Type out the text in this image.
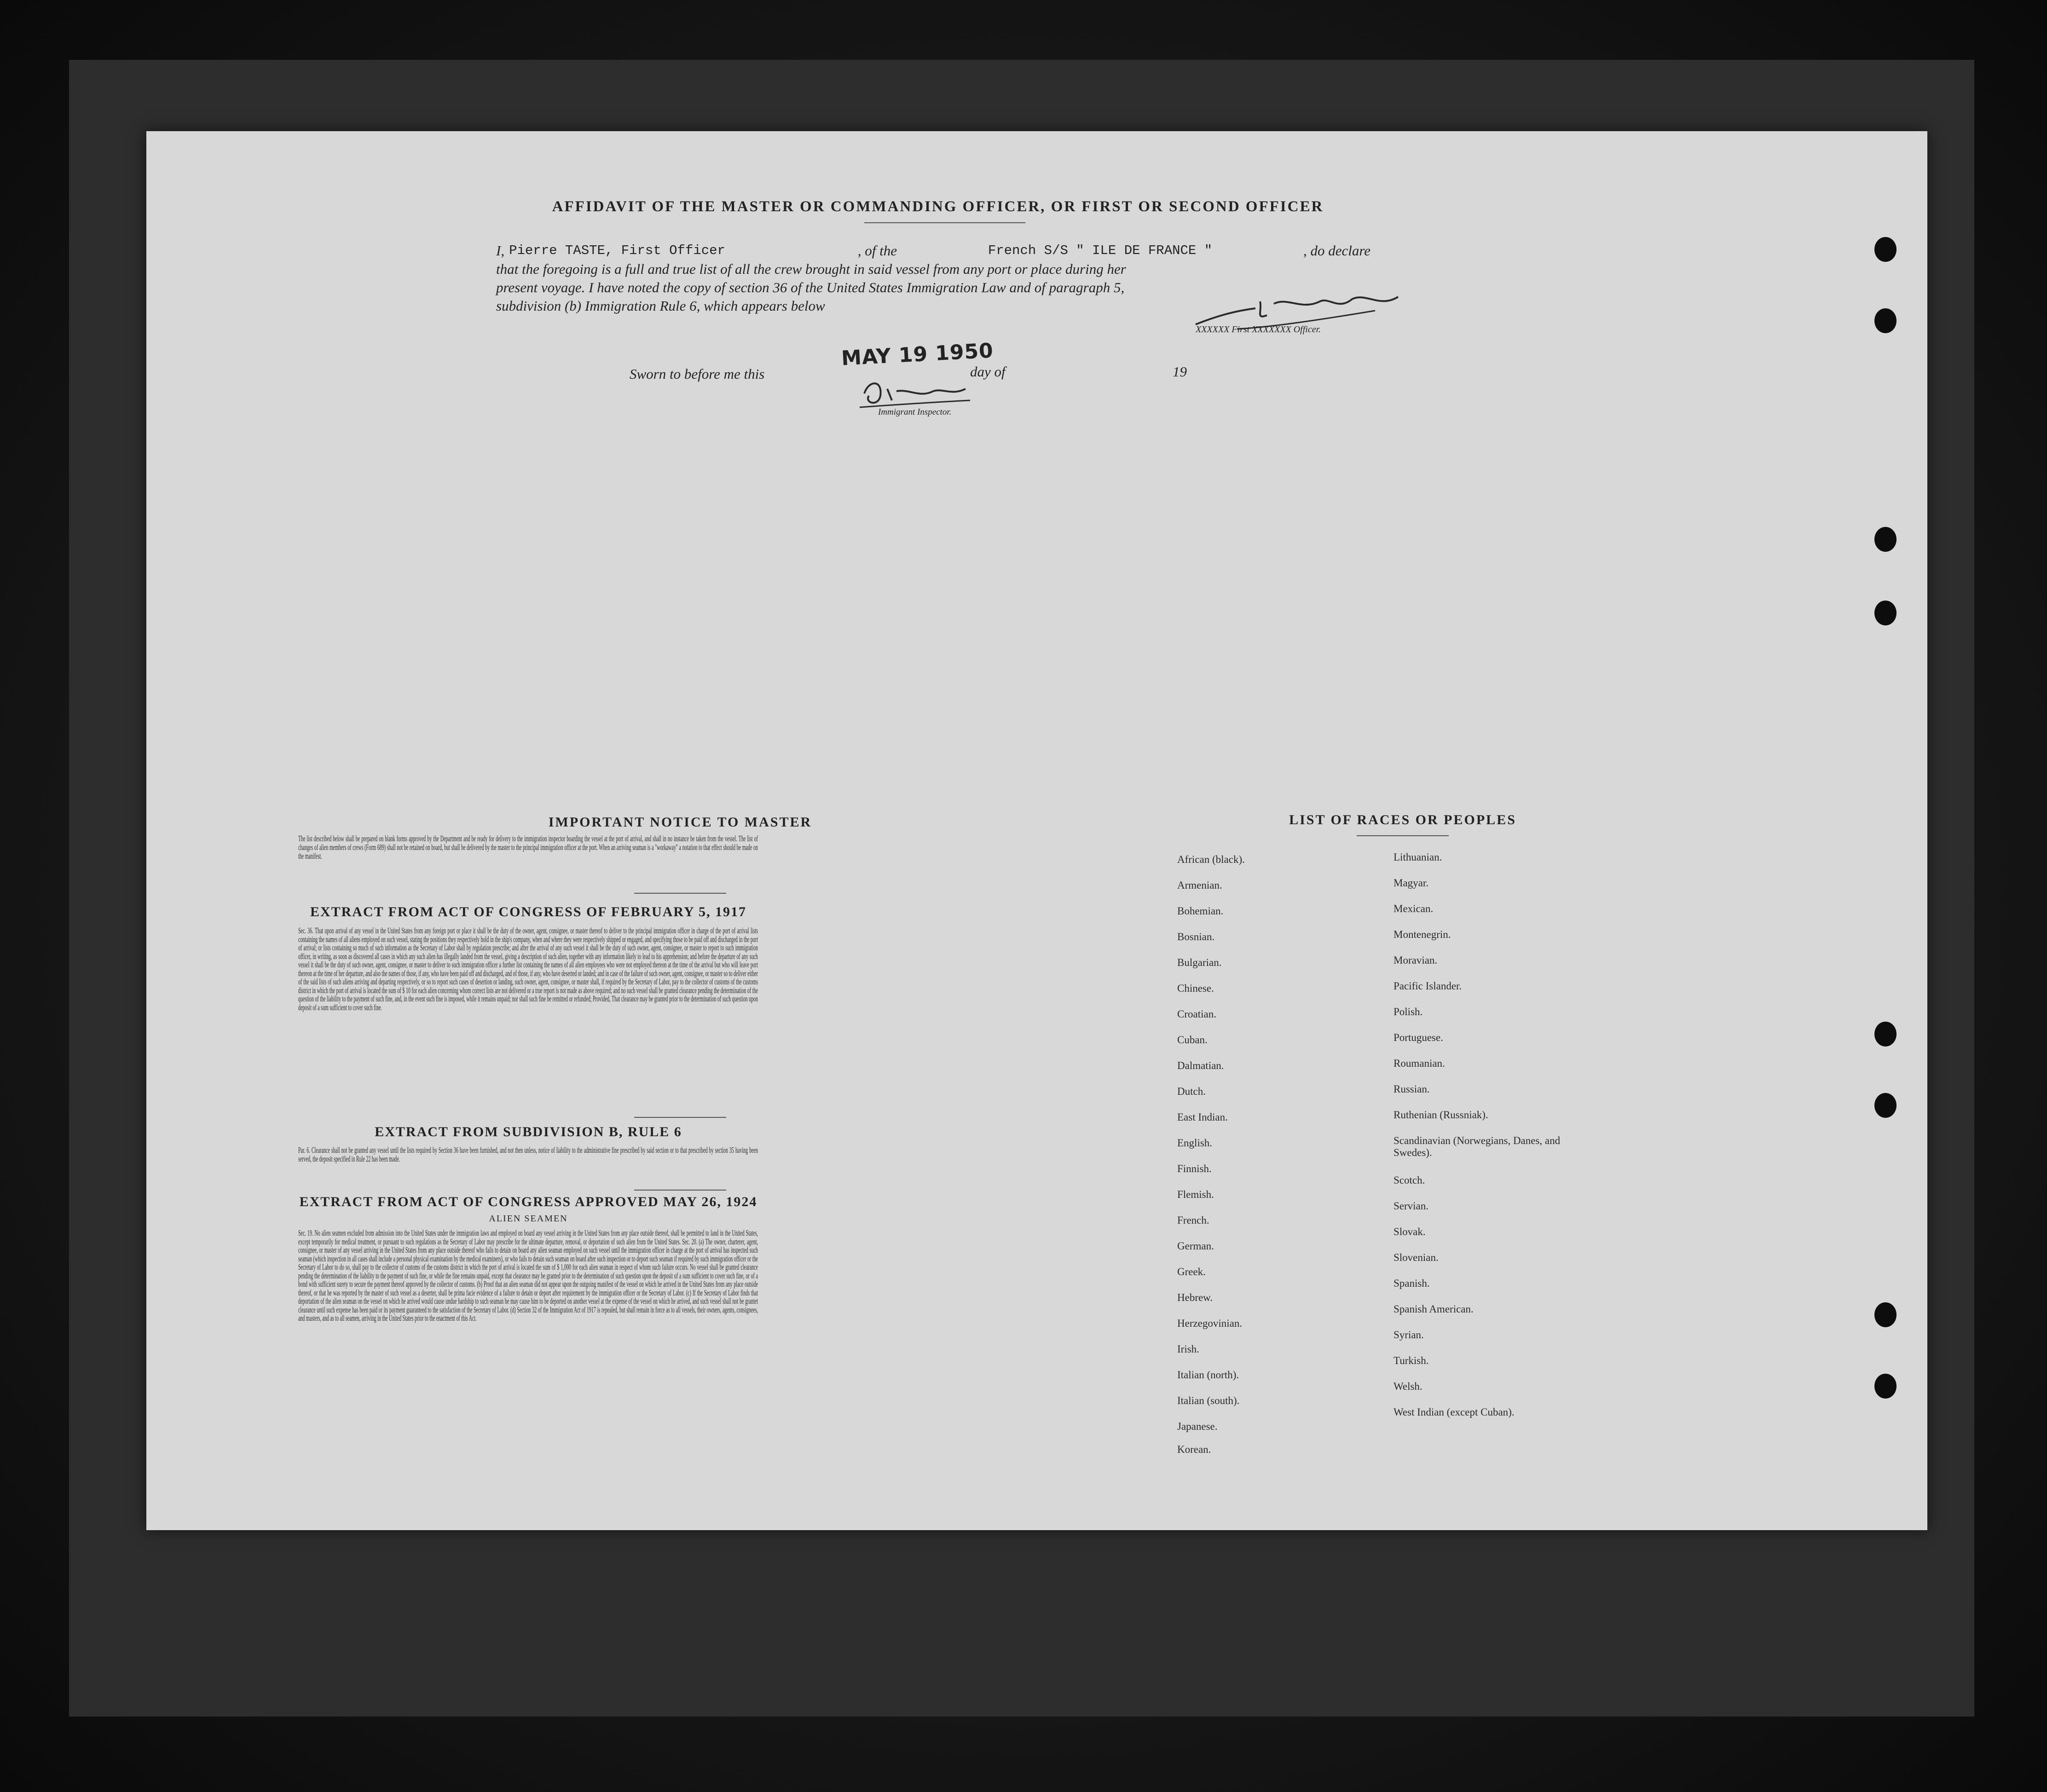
AFFIDAVIT OF THE MASTER OR COMMANDING OFFICER, OR FIRST OR SECOND OFFICER
I, Pierre TASTE, First Officer	, of the	French S/S " ILE DE FRANCE "	, do declare
that the foregoing is a full and true list of all the crew brought in said vessel from any port or place during her
present voyage. I have noted the copy of section 36 of the United States Immigration Law and of paragraph 5,
subdivision (b) Immigration Rule 6, which appears below
XXXXXX First XXXXXXX Officer.
Sworn to before me this
MAY 19 1950
day of	19
Immigrant Inspector.
IMPORTANT NOTICE TO MASTER
The list described below shall be prepared on blank forms approved by the Department and be ready for delivery to the immigration inspector boarding the vessel at the port of arrival, and shall in no instance be taken from the vessel. The list of changes of alien members of crews (Form 689) shall not be retained on board, but shall be delivered by the master to the principal immigration officer at the port. When an arriving seaman is a "workaway" a notation to that effect should be made on the manifest.
EXTRACT FROM ACT OF CONGRESS OF FEBRUARY 5, 1917
Sec. 36. That upon arrival of any vessel in the United States from any foreign port or place it shall be the duty of the owner, agent, consignee, or master thereof to deliver to the principal immigration officer in charge of the port of arrival lists containing the names of all aliens employed on such vessel, stating the positions they respectively hold in the ship's company, when and where they were respectively shipped or engaged, and specifying those to be paid off and discharged in the port of arrival; or lists containing so much of such information as the Secretary of Labor shall by regulation prescribe; and after the arrival of any such vessel it shall be the duty of such owner, agent, consignee, or master to report to such immigration officer, in writing, as soon as discovered all cases in which any such alien has illegally landed from the vessel, giving a description of such alien, together with any information likely to lead to his apprehension; and before the departure of any such vessel it shall be the duty of such owner, agent, consignee, or master to deliver to such immigration officer a further list containing the names of all alien employees who were not employed thereon at the time of the arrival but who will leave port thereon at the time of her departure, and also the names of those, if any, who have been paid off and discharged, and of those, if any, who have deserted or landed; and in case of the failure of such owner, agent, consignee, or master so to deliver either of the said lists of such aliens arriving and departing respectively, or so to report such cases of desertion or landing, such owner, agent, consignee, or master shall, if required by the Secretary of Labor, pay to the collector of customs of the customs district in which the port of arrival is located the sum of $ 10 for each alien concerning whom correct lists are not delivered or a true report is not made as above required; and no such vessel shall be granted clearance pending the determination of the question of the liability to the payment of such fine, and, in the event such fine is imposed, while it remains unpaid; nor shall such fine be remitted or refunded; Provided, That clearance may be granted prior to the determination of such question upon deposit of a sum sufficient to cover such fine.
EXTRACT FROM SUBDIVISION B, RULE 6
Par. 6. Clearance shall not be granted any vessel until the lists required by Section 36 have been furnished, and not then unless, notice of liability to the administrative fine prescribed by said section or to that prescribed by section 35 having been served, the deposit specified in Rule 22 has been made.
EXTRACT FROM ACT OF CONGRESS APPROVED MAY 26, 1924
ALIEN SEAMEN
Sec. 19. No alien seamen excluded from admission into the United States under the immigration laws and employed on board any vessel arriving in the United States from any place outside thereof, shall be permitted to land in the United States, except temporarily for medical treatment, or pursuant to such regulations as the Secretary of Labor may prescribe for the ultimate departure, removal, or deportation of such alien from the United States. Sec. 20. (a) The owner, charterer, agent, consignee, or master of any vessel arriving in the United States from any place outside thereof who fails to detain on board any alien seaman employed on such vessel until the immigration officer in charge at the port of arrival has inspected such seaman (which inspection in all cases shall include a personal physical examination by the medical examiners), or who fails to detain such seaman on board after such inspection or to deport such seaman if required by such immigration officer or the Secretary of Labor to do so, shall pay to the collector of customs of the customs district in which the port of arrival is located the sum of $ 1,000 for each alien seaman in respect of whom such failure occurs. No vessel shall be granted clearance pending the determination of the liability to the payment of such fine, or while the fine remains unpaid, except that clearance may be granted prior to the determination of such question upon the deposit of a sum sufficient to cover such fine, or of a bond with sufficient surety to secure the payment thereof approved by the collector of customs. (b) Proof that an alien seaman did not appear upon the outgoing manifest of the vessel on which he arrived in the United States from any place outside thereof, or that he was reported by the master of such vessel as a deserter, shall be prima facie evidence of a failure to detain or deport after requirement by the immigration officer or the Secretary of Labor. (c) If the Secretary of Labor finds that deportation of the alien seaman on the vessel on which he arrived would cause undue hardship to such seaman he may cause him to be deported on another vessel at the expense of the vessel on which he arrived, and such vessel shall not be grantet clearance until such expense has been paid or its payment guaranteed to the satisfaction of the Secretary of Labor. (d) Section 32 of the Immigration Act of 1917 is repealed, but shall remain in force as to all vessels, their owners, agents, consignees, and masters, and as to all seamen, arriving in the United States prior to the enactment of this Act.
LIST OF RACES OR PEOPLES
African (black).
Armenian.
Bohemian.
Bosnian.
Bulgarian.
Chinese.
Croatian.
Cuban.
Dalmatian.
Dutch.
East Indian.
English.
Finnish.
Flemish.
French.
German.
Greek.
Hebrew.
Herzegovinian.
Irish.
Italian (north).
Italian (south).
Japanese.
Korean.
Lithuanian.
Magyar.
Mexican.
Montenegrin.
Moravian.
Pacific Islander.
Polish.
Portuguese.
Roumanian.
Russian.
Ruthenian (Russniak).
Scandinavian (Norwegians, Danes, and Swedes).
Scotch.
Servian.
Slovak.
Slovenian.
Spanish.
Spanish American.
Syrian.
Turkish.
Welsh.
West Indian (except Cuban).
